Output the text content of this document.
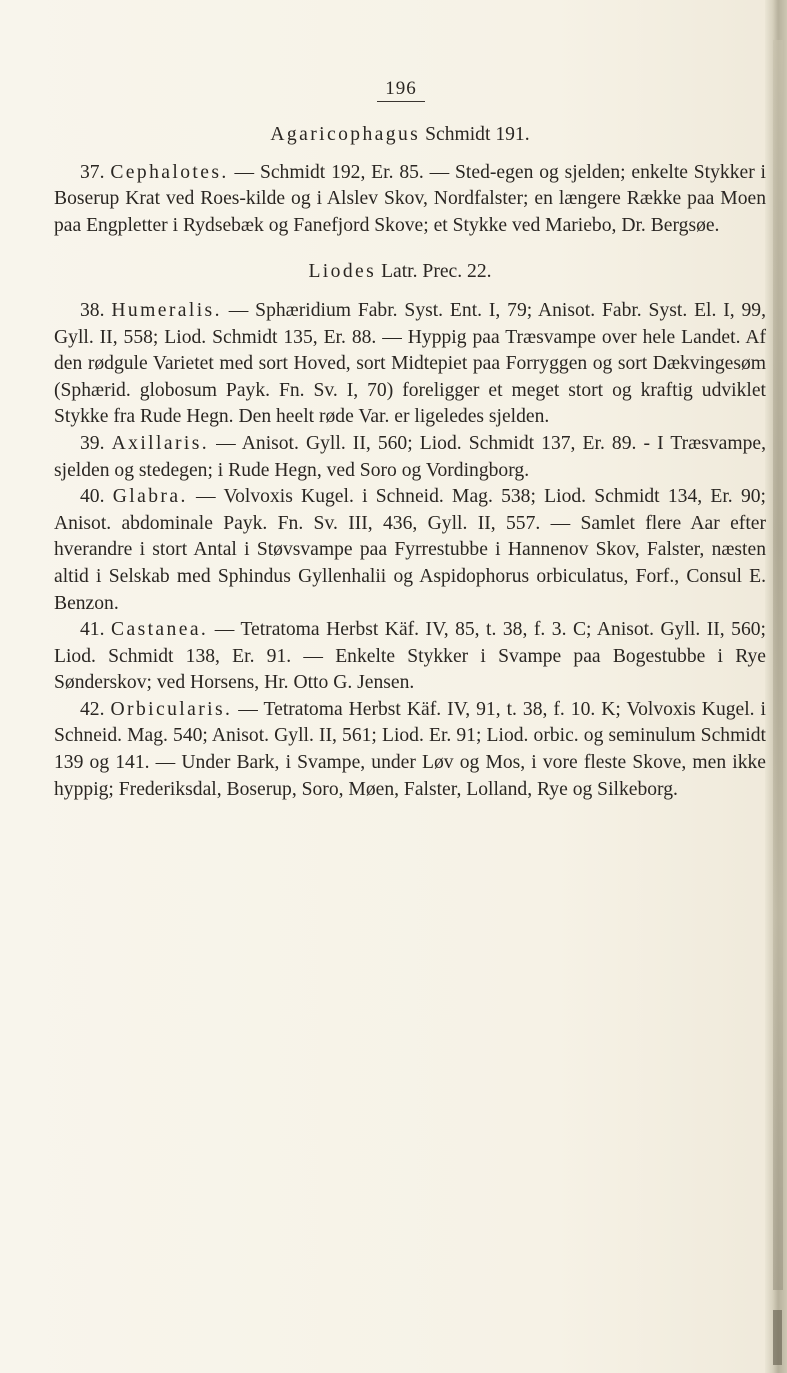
196
Agaricophagus Schmidt 191.

37. Cephalotes. — Schmidt 192, Er. 85. — Sted-egen og sjelden; enkelte Stykker i Boserup Krat ved Roes-kilde og i Alslev Skov, Nordfalster; en længere Række paa Moen paa Engpletter i Rydsebæk og Fanefjord Skove; et Stykke ved Mariebo, Dr. Bergsøe.

Liodes Latr. Prec. 22.

38. Humeralis. — Sphæridium Fabr. Syst. Ent. I, 79; Anisot. Fabr. Syst. El. I, 99, Gyll. II, 558; Liod. Schmidt 135, Er. 88. — Hyppig paa Træsvampe over hele Landet. Af den rødgule Varietet med sort Hoved, sort Midtepiet paa Forryggen og sort Dækvingesøm (Sphærid. globosum Payk. Fn. Sv. I, 70) foreligger et meget stort og kraftig udviklet Stykke fra Rude Hegn. Den heelt røde Var. er ligeledes sjelden.

39. Axillaris. — Anisot. Gyll. II, 560; Liod. Schmidt 137, Er. 89. - I Træsvampe, sjelden og stedegen; i Rude Hegn, ved Soro og Vordingborg.

40. Glabra. — Volvoxis Kugel. i Schneid. Mag. 538; Liod. Schmidt 134, Er. 90; Anisot. abdominale Payk. Fn. Sv. III, 436, Gyll. II, 557. — Samlet flere Aar efter hverandre i stort Antal i Støvsvampe paa Fyrrestubbe i Hannenov Skov, Falster, næsten altid i Selskab med Sphindus Gyllenhalii og Aspidophorus orbiculatus, Forf., Consul E. Benzon.

41. Castanea. — Tetratoma Herbst Käf. IV, 85, t. 38, f. 3. C; Anisot. Gyll. II, 560; Liod. Schmidt 138, Er. 91. — Enkelte Stykker i Svampe paa Bogestubbe i Rye Sønderskov; ved Horsens, Hr. Otto G. Jensen.

42. Orbicularis. — Tetratoma Herbst Käf. IV, 91, t. 38, f. 10. K; Volvoxis Kugel. i Schneid. Mag. 540; Anisot. Gyll. II, 561; Liod. Er. 91; Liod. orbic. og seminulum Schmidt 139 og 141. — Under Bark, i Svampe, under Løv og Mos, i vore fleste Skove, men ikke hyppig; Frederiksdal, Boserup, Soro, Møen, Falster, Lolland, Rye og Silkeborg.
